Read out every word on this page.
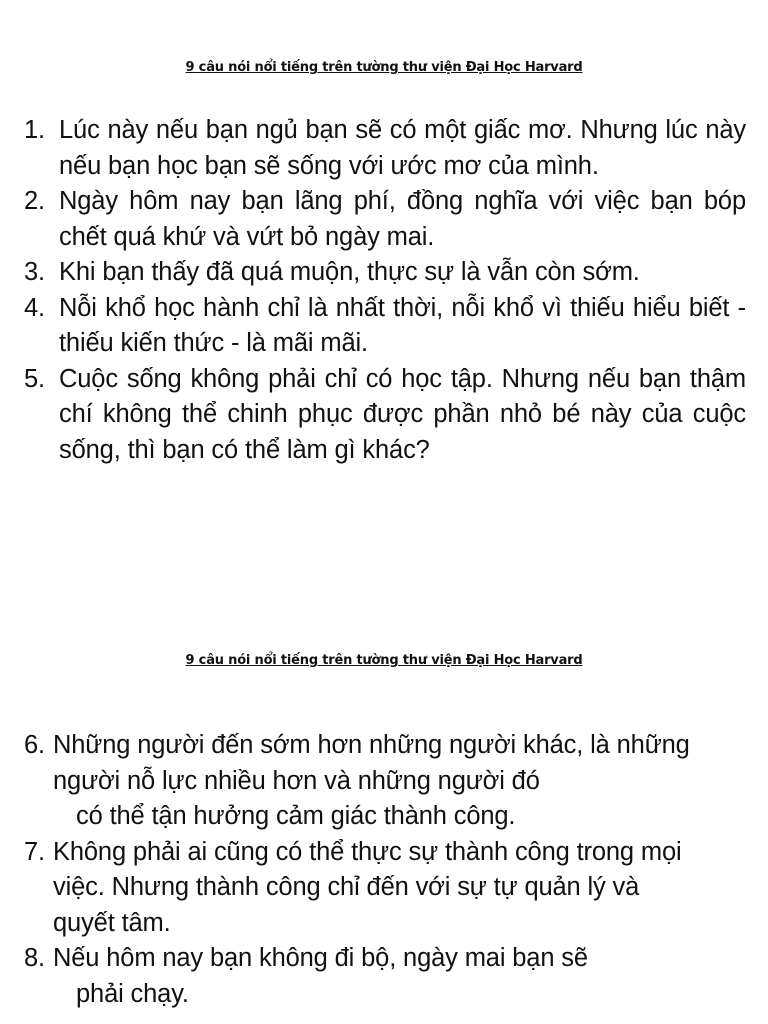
9 câu nói nổi tiếng trên tường thư viện Đại Học Harvard
1. Lúc này nếu bạn ngủ bạn sẽ có một giấc mơ. Nhưng lúc này nếu bạn học bạn sẽ sống với ước mơ của mình.
2. Ngày hôm nay bạn lãng phí, đồng nghĩa với việc bạn bóp chết quá khứ và vứt bỏ ngày mai.
3. Khi bạn thấy đã quá muộn, thực sự là vẫn còn sớm.
4. Nỗi khổ học hành chỉ là nhất thời, nỗi khổ vì thiếu hiểu biết - thiếu kiến thức - là mãi mãi.
5. Cuộc sống không phải chỉ có học tập. Nhưng nếu bạn thậm chí không thể chinh phục được phần nhỏ bé này của cuộc sống, thì bạn có thể làm gì khác?
9 câu nói nổi tiếng trên tường thư viện Đại Học Harvard
6. Những người đến sớm hơn những người khác, là những
người nỗ lực nhiều hơn và những người đó
có thể tận hưởng cảm giác thành công.
7. Không phải ai cũng có thể thực sự thành công trong mọi
việc. Nhưng thành công chỉ đến với sự tự quản lý và
quyết tâm.
8. Nếu hôm nay bạn không đi bộ, ngày mai bạn sẽ
phải chạy.
